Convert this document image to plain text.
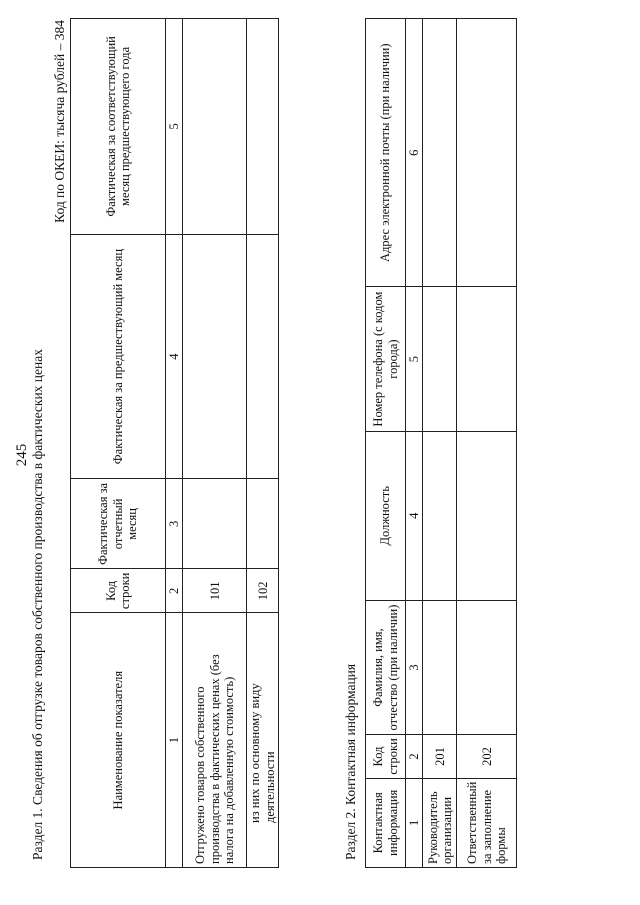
245 Раздел 1. Сведения об отгрузке товаров собственного производства в фактических ценах
Код по ОКЕИ: тысяча рублей – 384
Наименование показателя	Код строки	Фактическая за отчетный месяц	Фактическая за предшествующий месяц	Фактическая за соответствующий месяц предшествующего года
1	2	3	4	5
Отгружено товаров собственного производства в фактических ценах (без налога на добавленную стоимость)	101			
из них по основному виду деятельности	102			
Раздел 2. Контактная информация Контактная информация	Код строки	Фамилия, имя, отчество (при наличии)	Должность	Номер телефона (с кодом города)	Адрес электронной почты (при наличии)
1	2	3	4	5	6
Руководитель организации	201				
Ответственный за заполнение формы	202				
